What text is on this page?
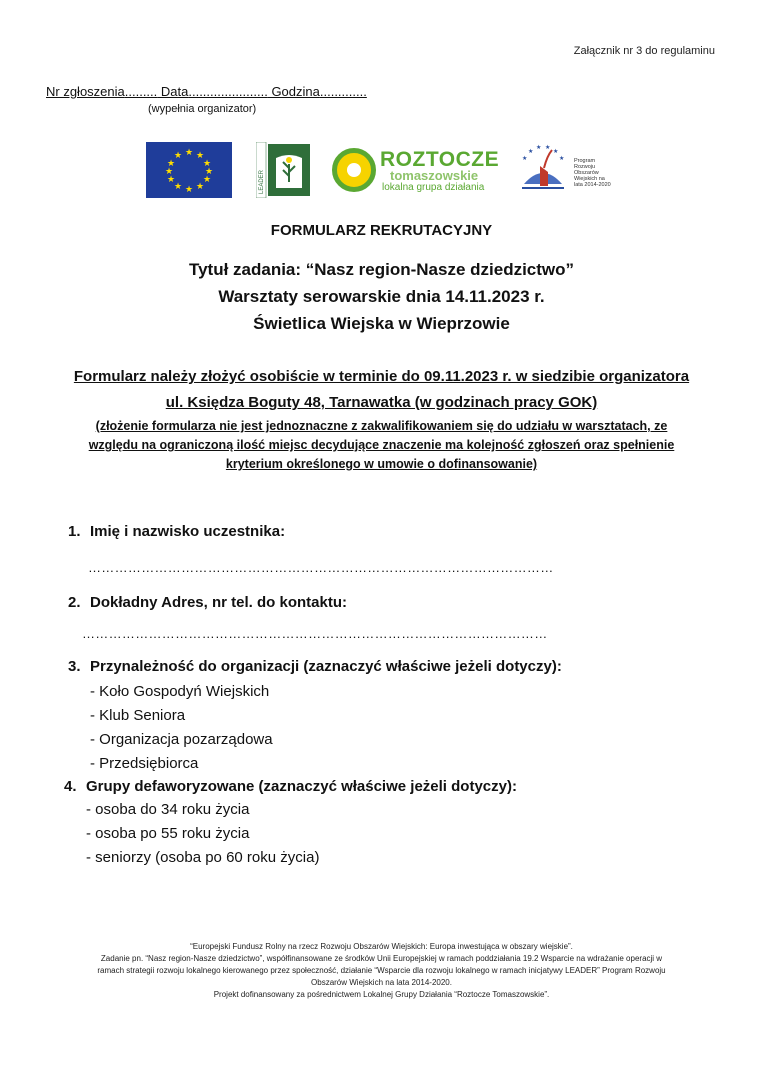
Załącznik nr 3 do regulaminu
Nr zgłoszenia......... Data...................... Godzina.............
(wypełnia organizator)
★ ★
★
★
★
★
★
★
★
★
★
★
LEADER
ROZTOCZE
tomaszowskie
lokalna grupa działania
★
★
★ ★
★
★ Program Rozwoju Obszarów Wiejskich na lata 2014-2020
FORMULARZ REKRUTACYJNY
Tytuł zadania: “Nasz region-Nasze dziedzictwo”
Warsztaty serowarskie dnia 14.11.2023 r.
Świetlica Wiejska w Wieprzowie
Formularz należy złożyć osobiście w terminie do 09.11.2023 r. w siedzibie organizatora
ul. Księdza Boguty 48, Tarnawatka (w godzinach pracy GOK)
(złożenie formularza nie jest jednoznaczne z zakwalifikowaniem się do udziału w warsztatach, ze
względu na ograniczoną ilość miejsc decydujące znaczenie ma kolejność zgłoszeń oraz spełnienie
kryterium określonego w umowie o dofinansowanie)
1. Imię i nazwisko uczestnika:
……………………………………………………………………………………………
2. Dokładny Adres, nr tel. do kontaktu:
……………………………………………………………………………………………
3. Przynależność do organizacji (zaznaczyć właściwe jeżeli dotyczy):
- Koło Gospodyń Wiejskich
- Klub Seniora
- Organizacja pozarządowa
- Przedsiębiorca
4. Grupy defaworyzowane (zaznaczyć właściwe jeżeli dotyczy):
- osoba do 34 roku życia
- osoba po 55 roku życia
- seniorzy (osoba po 60 roku życia)
“Europejski Fundusz Rolny na rzecz Rozwoju Obszarów Wiejskich: Europa inwestująca w obszary wiejskie”.
Zadanie pn. “Nasz region-Nasze dziedzictwo”, współfinansowane ze środków Unii Europejskiej w ramach poddziałania 19.2 Wsparcie na wdrażanie operacji w
ramach strategii rozwoju lokalnego kierowanego przez społeczność, działanie “Wsparcie dla rozwoju lokalnego w ramach inicjatywy LEADER” Program Rozwoju
Obszarów Wiejskich na lata 2014-2020.
Projekt dofinansowany za pośrednictwem Lokalnej Grupy Działania “Roztocze Tomaszowskie”.
